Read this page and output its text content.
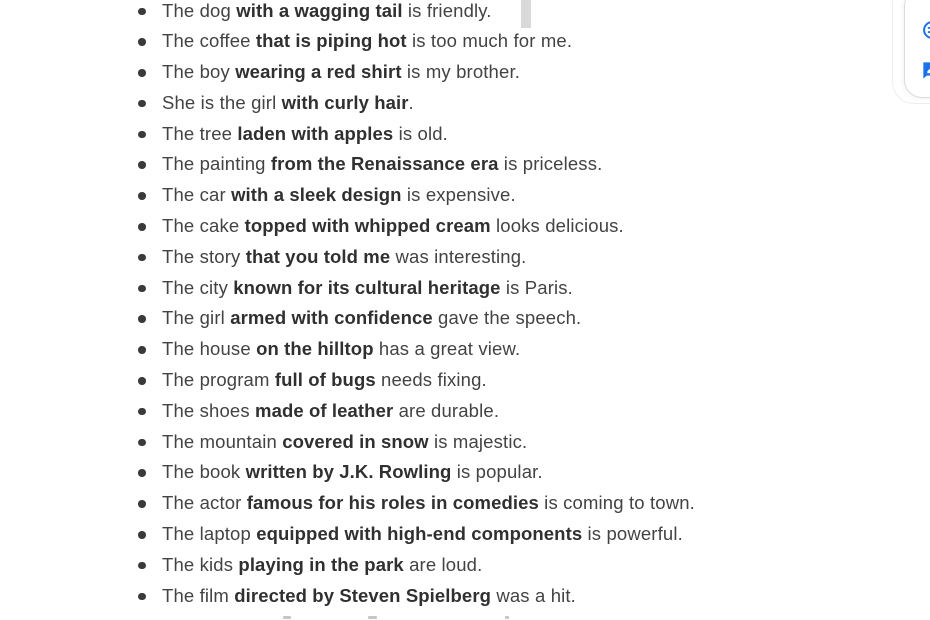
The dog with a wagging tail is friendly.
The coffee that is piping hot is too much for me.
The boy wearing a red shirt is my brother.
She is the girl with curly hair.
The tree laden with apples is old.
The painting from the Renaissance era is priceless.
The car with a sleek design is expensive.
The cake topped with whipped cream looks delicious.
The story that you told me was interesting.
The city known for its cultural heritage is Paris.
The girl armed with confidence gave the speech.
The house on the hilltop has a great view.
The program full of bugs needs fixing.
The shoes made of leather are durable.
The mountain covered in snow is majestic.
The book written by J.K. Rowling is popular.
The actor famous for his roles in comedies is coming to town.
The laptop equipped with high-end components is powerful.
The kids playing in the park are loud.
The film directed by Steven Spielberg was a hit.
